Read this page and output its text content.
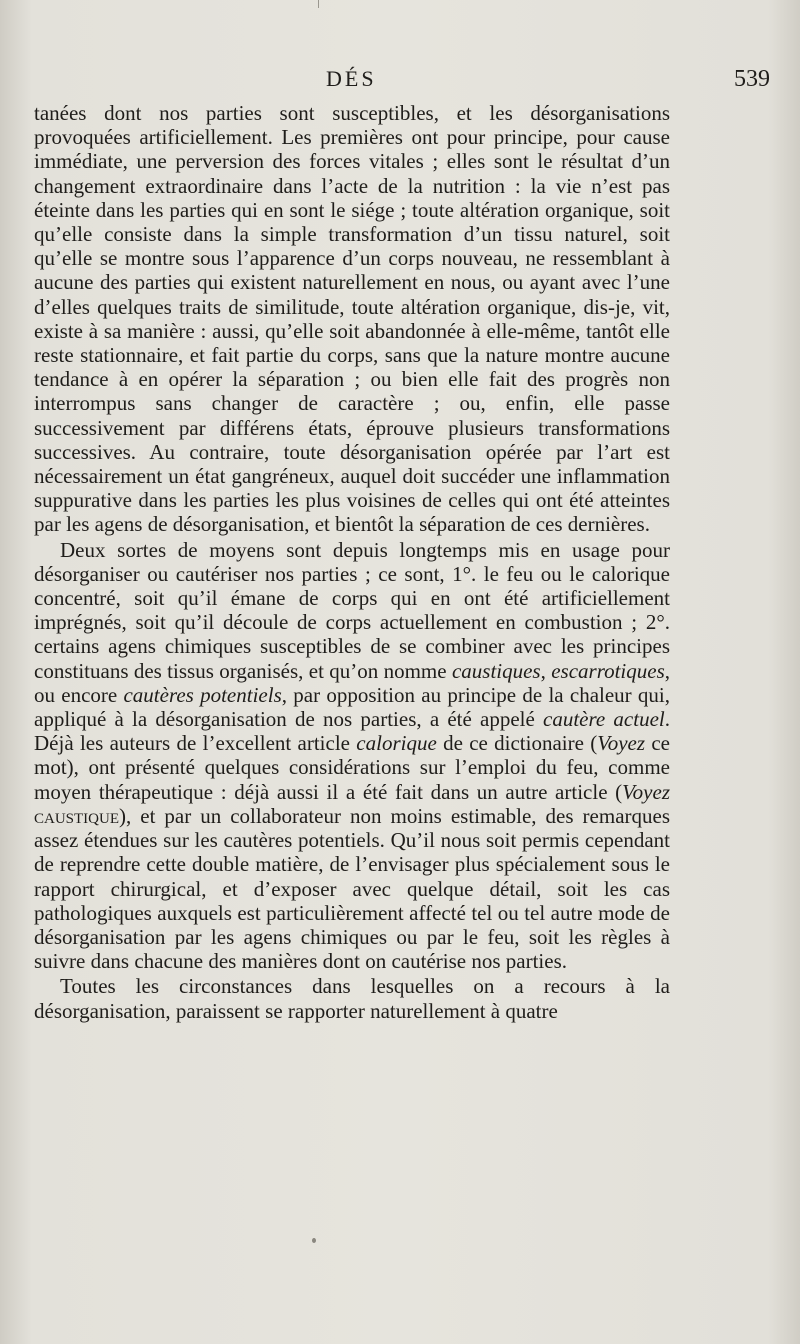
DÉS	539

tanées dont nos parties sont susceptibles, et les désorganisations provoquées artificiellement. Les premières ont pour principe, pour cause immédiate, une perversion des forces vitales ; elles sont le résultat d’un changement extraordinaire dans l’acte de la nutrition : la vie n’est pas éteinte dans les parties qui en sont le siége ; toute altération organique, soit qu’elle consiste dans la simple transformation d’un tissu naturel, soit qu’elle se montre sous l’apparence d’un corps nouveau, ne ressemblant à aucune des parties qui existent naturellement en nous, ou ayant avec l’une d’elles quelques traits de similitude, toute altération organique, dis-je, vit, existe à sa manière : aussi, qu’elle soit abandonnée à elle-même, tantôt elle reste stationnaire, et fait partie du corps, sans que la nature montre aucune tendance à en opérer la séparation ; ou bien elle fait des progrès non interrompus sans changer de caractère ; ou, enfin, elle passe successivement par différens états, éprouve plusieurs transformations successives. Au contraire, toute désorganisation opérée par l’art est nécessairement un état gangréneux, auquel doit succéder une inflammation suppurative dans les parties les plus voisines de celles qui ont été atteintes par les agens de désorganisation, et bientôt la séparation de ces dernières.

Deux sortes de moyens sont depuis longtemps mis en usage pour désorganiser ou cautériser nos parties ; ce sont, 1°. le feu ou le calorique concentré, soit qu’il émane de corps qui en ont été artificiellement imprégnés, soit qu’il découle de corps actuellement en combustion ; 2°. certains agens chimiques susceptibles de se combiner avec les principes constituans des tissus organisés, et qu’on nomme caustiques, escarrotiques, ou encore cautères potentiels, par opposition au principe de la chaleur qui, appliqué à la désorganisation de nos parties, a été appelé cautère actuel. Déjà les auteurs de l’excellent article calorique de ce dictionaire (Voyez ce mot), ont présenté quelques considérations sur l’emploi du feu, comme moyen thérapeutique : déjà aussi il a été fait dans un autre article (Voyez caustique), et par un collaborateur non moins estimable, des remarques assez étendues sur les cautères potentiels. Qu’il nous soit permis cependant de reprendre cette double matière, de l’envisager plus spécialement sous le rapport chirurgical, et d’exposer avec quelque détail, soit les cas pathologiques auxquels est particulièrement affecté tel ou tel autre mode de désorganisation par les agens chimiques ou par le feu, soit les règles à suivre dans chacune des manières dont on cautérise nos parties.

Toutes les circonstances dans lesquelles on a recours à la désorganisation, paraissent se rapporter naturellement à quatre
